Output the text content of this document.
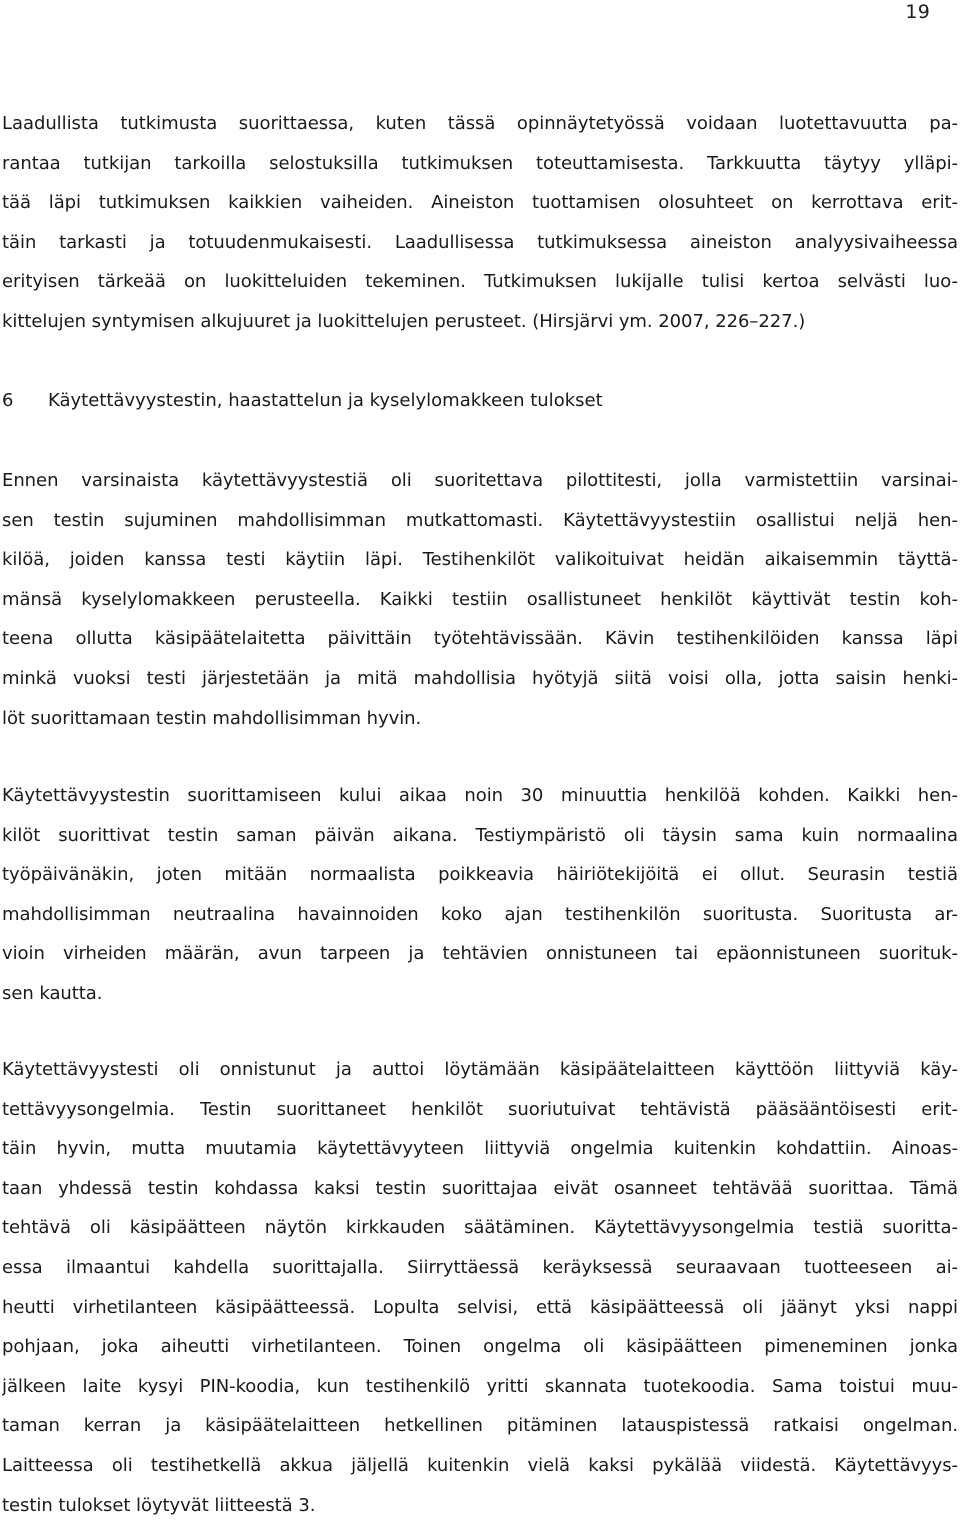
19
Laadullista tutkimusta suorittaessa, kuten tässä opinnäytetyössä voidaan luotettavuutta pa-
rantaa tutkijan tarkoilla selostuksilla tutkimuksen toteuttamisesta. Tarkkuutta täytyy ylläpi-
tää läpi tutkimuksen kaikkien vaiheiden. Aineiston tuottamisen olosuhteet on kerrottava erit-
täin tarkasti ja totuudenmukaisesti. Laadullisessa tutkimuksessa aineiston analyysivaiheessa
erityisen tärkeää on luokitteluiden tekeminen. Tutkimuksen lukijalle tulisi kertoa selvästi luo-
kittelujen syntymisen alkujuuret ja luokittelujen perusteet. (Hirsjärvi ym. 2007, 226–227.)
6 Käytettävyystestin, haastattelun ja kyselylomakkeen tulokset
Ennen varsinaista käytettävyystestiä oli suoritettava pilottitesti, jolla varmistettiin varsinai-
sen testin sujuminen mahdollisimman mutkattomasti. Käytettävyystestiin osallistui neljä hen-
kilöä, joiden kanssa testi käytiin läpi. Testihenkilöt valikoituivat heidän aikaisemmin täyttä-
mänsä kyselylomakkeen perusteella. Kaikki testiin osallistuneet henkilöt käyttivät testin koh-
teena ollutta käsipäätelaitetta päivittäin työtehtävissään. Kävin testihenkilöiden kanssa läpi
minkä vuoksi testi järjestetään ja mitä mahdollisia hyötyjä siitä voisi olla, jotta saisin henki-
löt suorittamaan testin mahdollisimman hyvin.
Käytettävyystestin suorittamiseen kului aikaa noin 30 minuuttia henkilöä kohden. Kaikki hen-
kilöt suorittivat testin saman päivän aikana. Testiympäristö oli täysin sama kuin normaalina
työpäivänäkin, joten mitään normaalista poikkeavia häiriötekijöitä ei ollut. Seurasin testiä
mahdollisimman neutraalina havainnoiden koko ajan testihenkilön suoritusta. Suoritusta ar-
vioin virheiden määrän, avun tarpeen ja tehtävien onnistuneen tai epäonnistuneen suorituk-
sen kautta.
Käytettävyystesti oli onnistunut ja auttoi löytämään käsipäätelaitteen käyttöön liittyviä käy-
tettävyysongelmia. Testin suorittaneet henkilöt suoriutuivat tehtävistä pääsääntöisesti erit-
täin hyvin, mutta muutamia käytettävyyteen liittyviä ongelmia kuitenkin kohdattiin. Ainoas-
taan yhdessä testin kohdassa kaksi testin suorittajaa eivät osanneet tehtävää suorittaa. Tämä
tehtävä oli käsipäätteen näytön kirkkauden säätäminen. Käytettävyysongelmia testiä suoritta-
essa ilmaantui kahdella suorittajalla. Siirryttäessä keräyksessä seuraavaan tuotteeseen ai-
heutti virhetilanteen käsipäätteessä. Lopulta selvisi, että käsipäätteessä oli jäänyt yksi nappi
pohjaan, joka aiheutti virhetilanteen. Toinen ongelma oli käsipäätteen pimeneminen jonka
jälkeen laite kysyi PIN-koodia, kun testihenkilö yritti skannata tuotekoodia. Sama toistui muu-
taman kerran ja käsipäätelaitteen hetkellinen pitäminen latauspistessä ratkaisi ongelman.
Laitteessa oli testihetkellä akkua jäljellä kuitenkin vielä kaksi pykälää viidestä. Käytettävyys-
testin tulokset löytyvät liitteestä 3.
